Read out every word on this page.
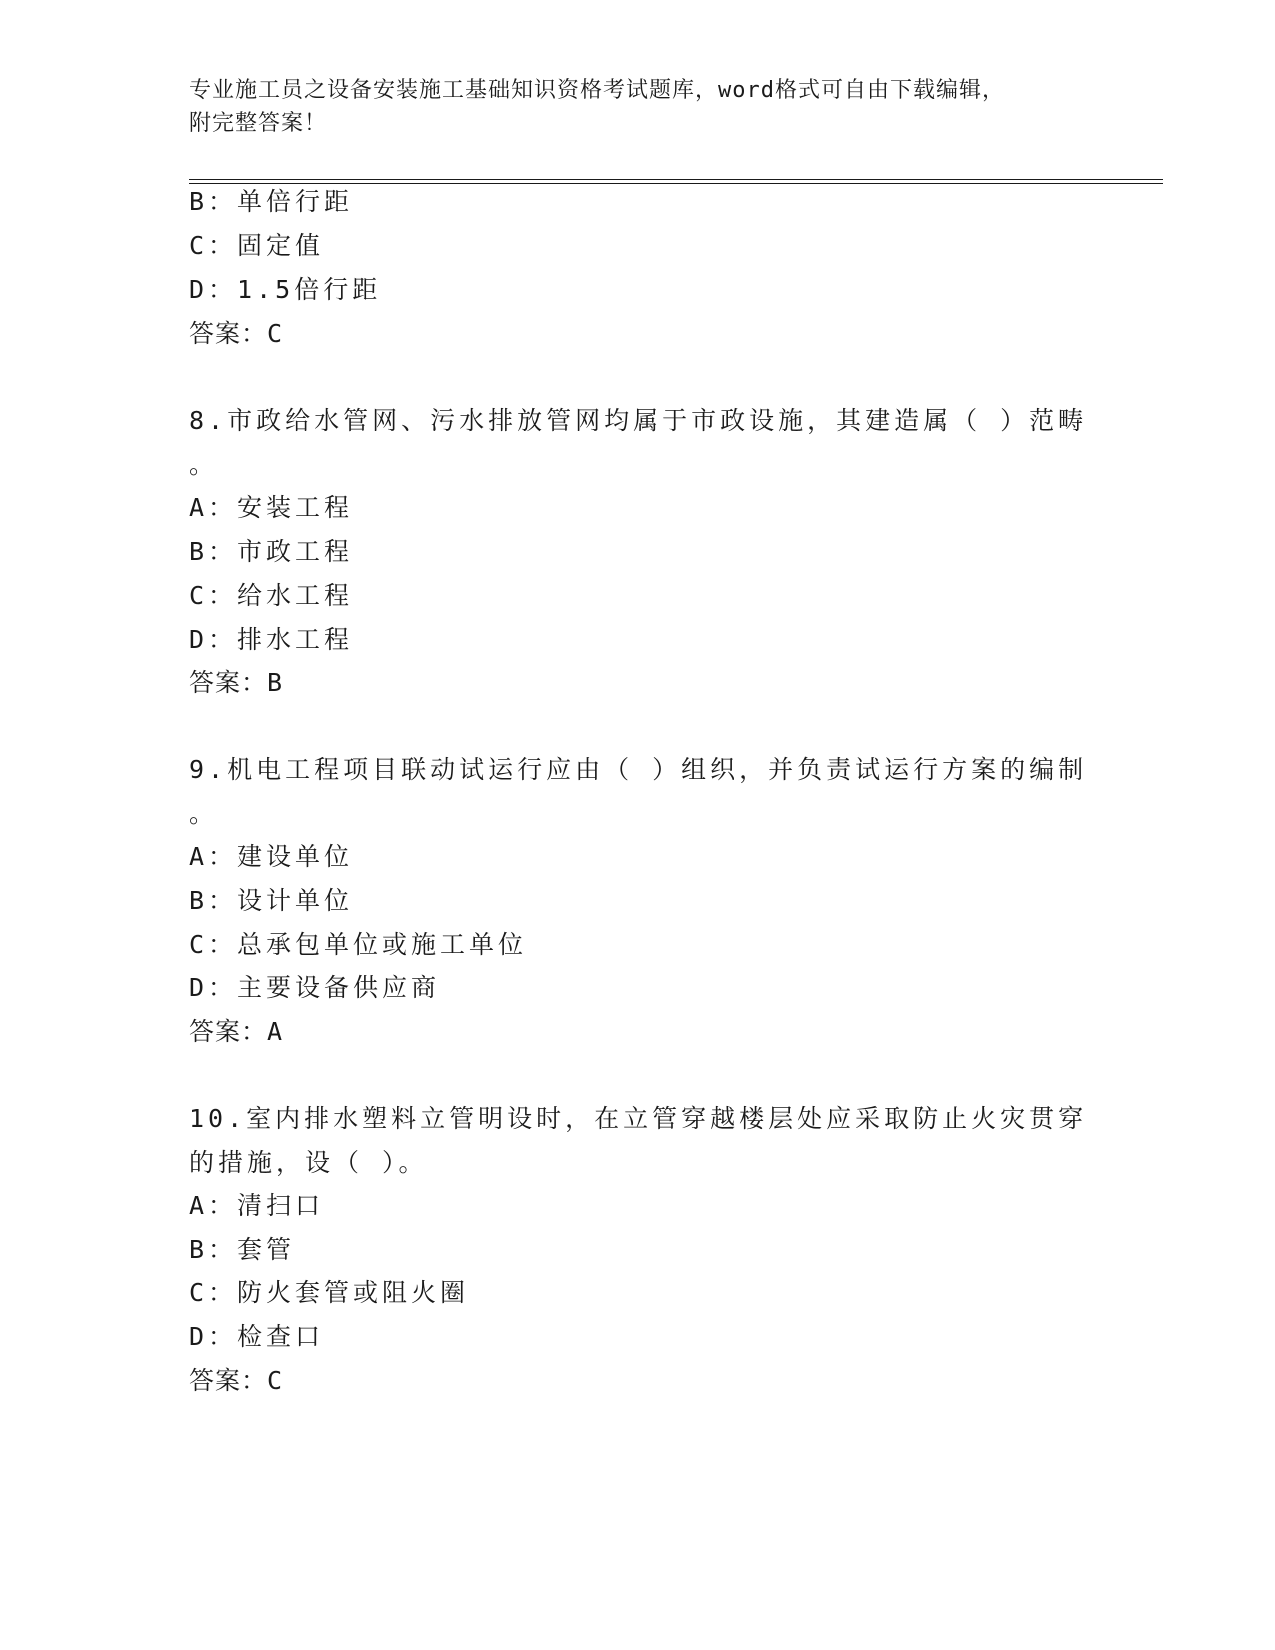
专业施工员之设备安装施工基础知识资格考试题库，word格式可自由下载编辑，
附完整答案！
B：单倍行距
C：固定值
D：1.5倍行距
答案：C
8.市政给水管网、污水排放管网均属于市政设施，其建造属（ ）范畴
。
A：安装工程
B：市政工程
C：给水工程
D：排水工程
答案：B
9.机电工程项目联动试运行应由（ ）组织，并负责试运行方案的编制
。
A：建设单位
B：设计单位
C：总承包单位或施工单位
D：主要设备供应商
答案：A
10.室内排水塑料立管明设时，在立管穿越楼层处应采取防止火灾贯穿
的措施，设（ ）。
A：清扫口
B：套管
C：防火套管或阻火圈
D：检查口
答案：C
